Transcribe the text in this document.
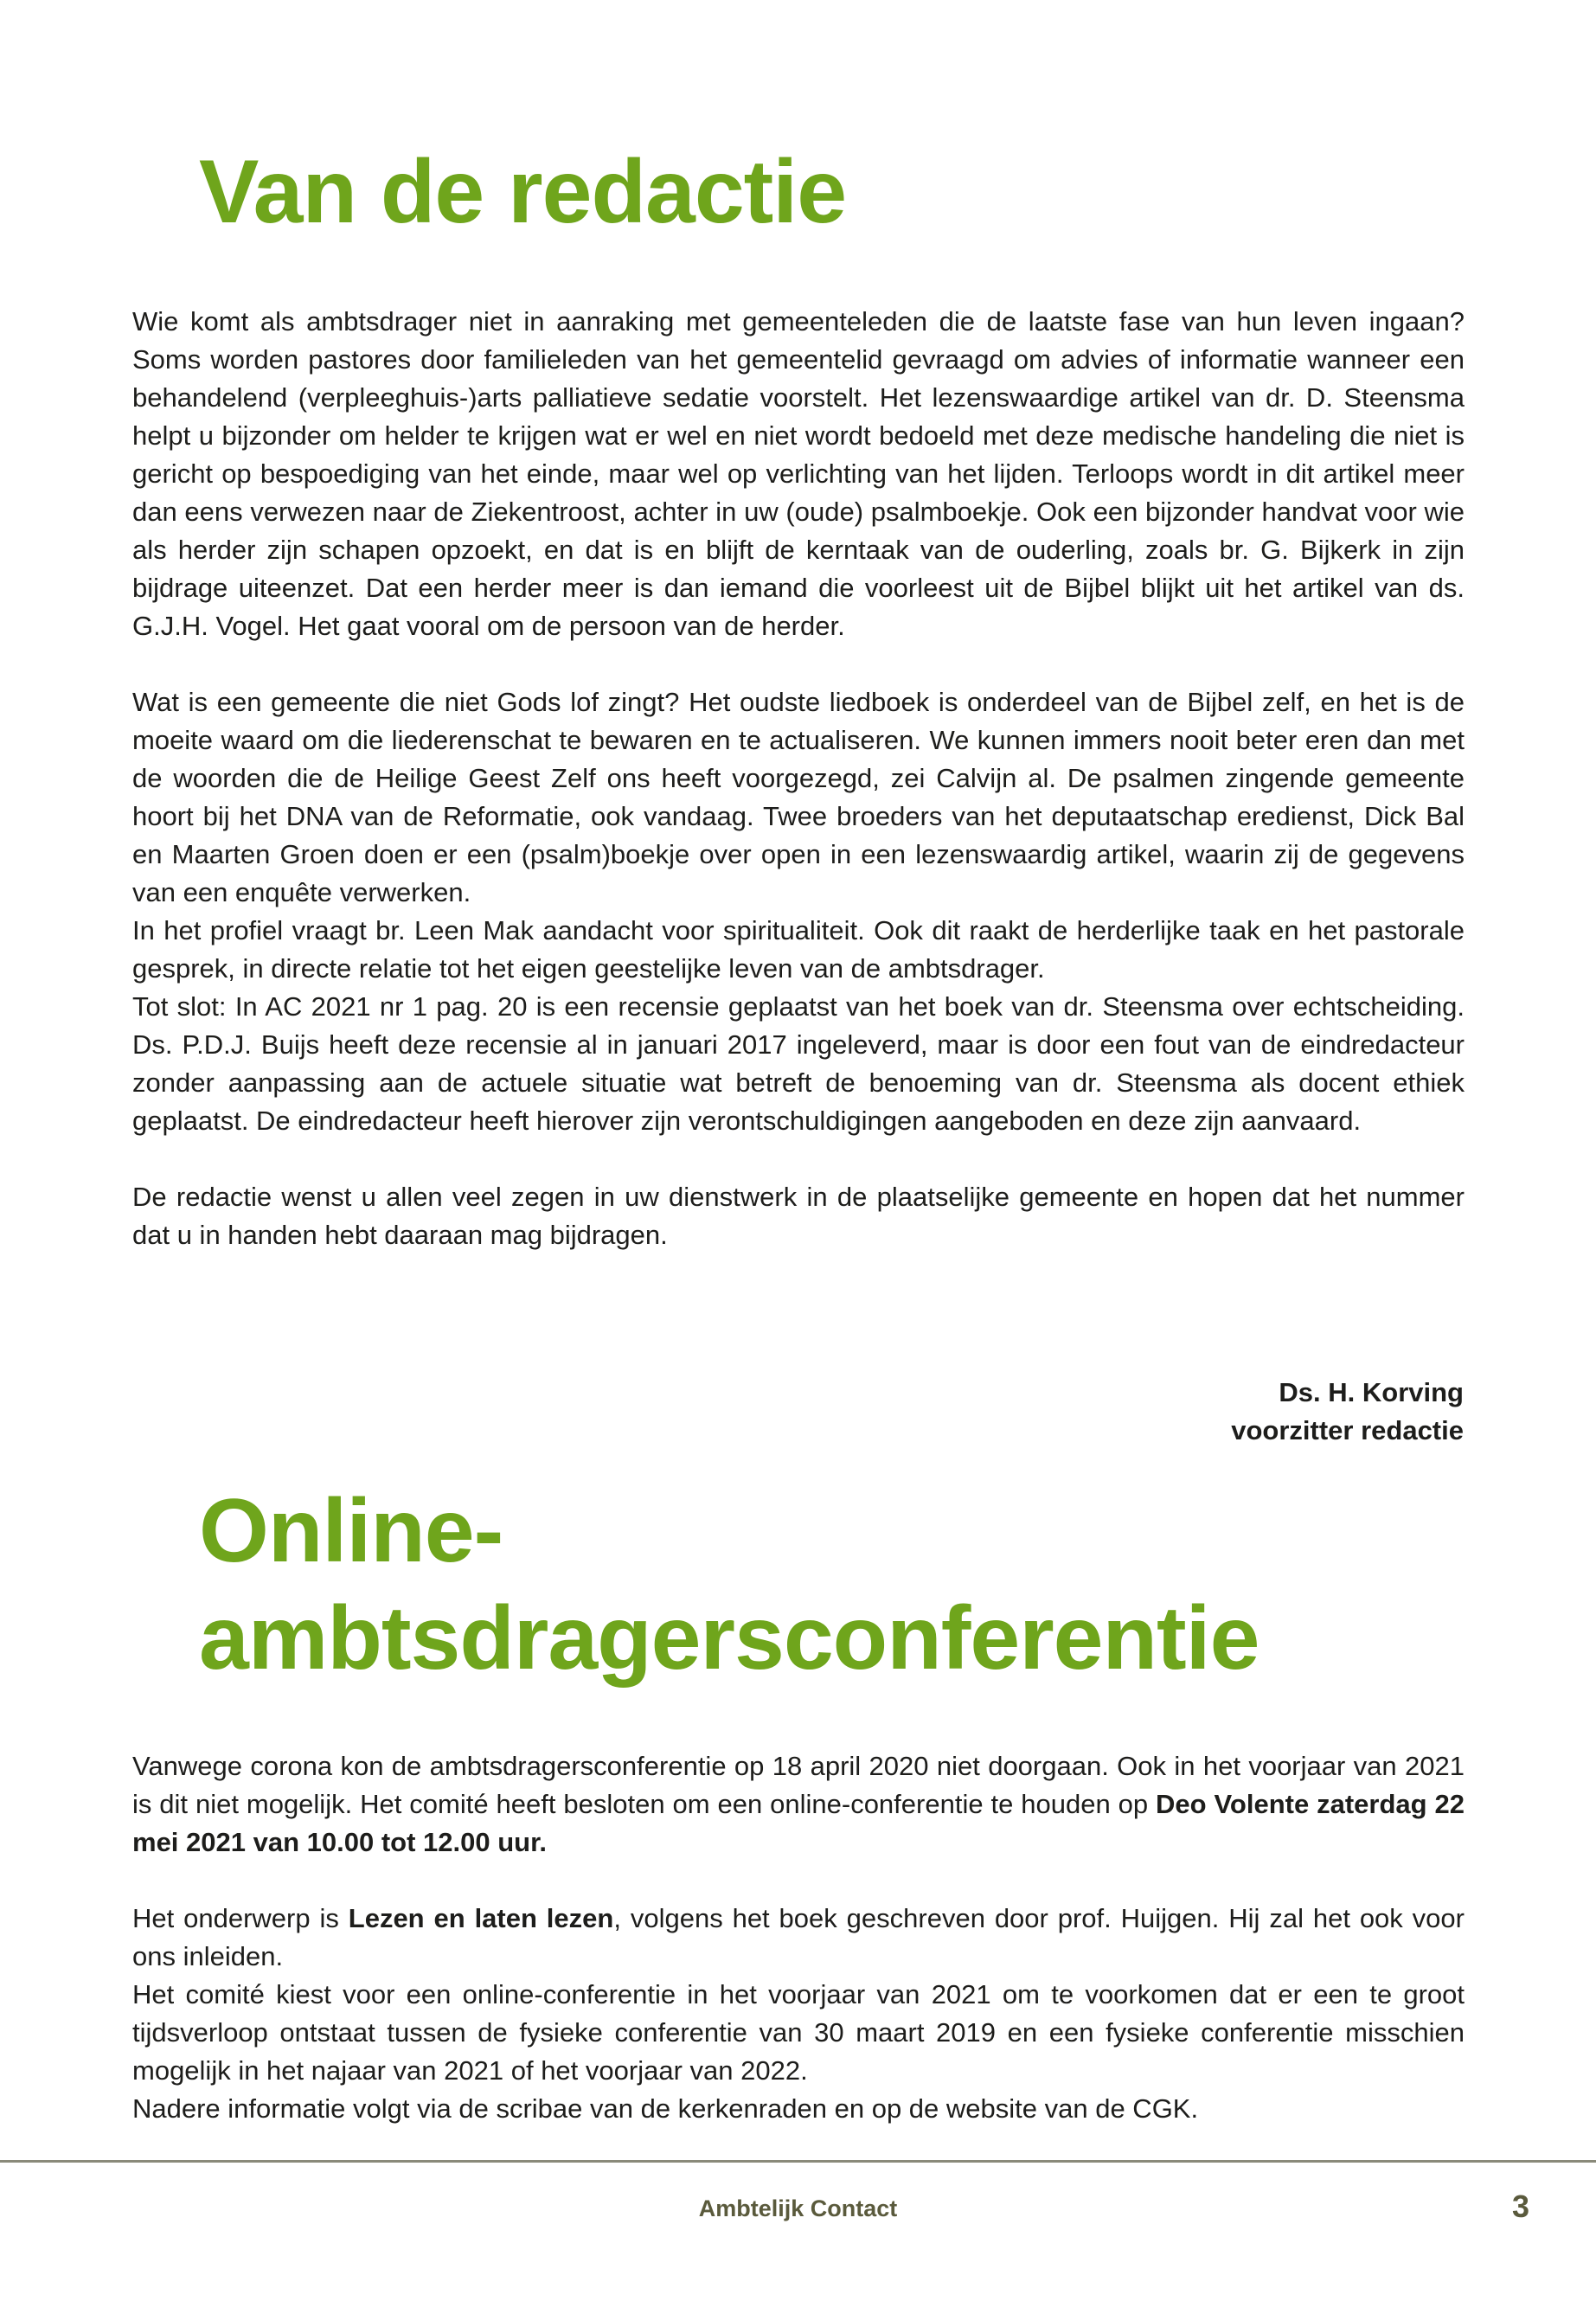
Van de redactie

Wie komt als ambtsdrager niet in aanraking met gemeenteleden die de laatste fase van hun leven ingaan? Soms worden pastores door familieleden van het gemeentelid gevraagd om advies of informatie wanneer een behandelend (verpleeghuis-)arts palliatieve sedatie voorstelt. Het lezenswaardige artikel van dr. D. Steensma helpt u bijzonder om helder te krijgen wat er wel en niet wordt bedoeld met deze medische handeling die niet is gericht op bespoediging van het einde, maar wel op verlichting van het lijden. Terloops wordt in dit artikel meer dan eens verwezen naar de Ziekentroost, achter in uw (oude) psalmboekje. Ook een bijzonder handvat voor wie als herder zijn schapen opzoekt, en dat is en blijft de kerntaak van de ouderling, zoals br. G. Bijkerk in zijn bijdrage uiteenzet. Dat een herder meer is dan iemand die voorleest uit de Bijbel blijkt uit het artikel van ds. G.J.H. Vogel. Het gaat vooral om de persoon van de herder.

Wat is een gemeente die niet Gods lof zingt? Het oudste liedboek is onderdeel van de Bijbel zelf, en het is de moeite waard om die liederenschat te bewaren en te actualiseren. We kunnen immers nooit beter eren dan met de woorden die de Heilige Geest Zelf ons heeft voorgezegd, zei Calvijn al. De psalmen zingende gemeente hoort bij het DNA van de Reformatie, ook vandaag. Twee broeders van het deputaatschap eredienst, Dick Bal en Maarten Groen doen er een (psalm)boekje over open in een lezenswaardig artikel, waarin zij de gegevens van een enquête verwerken.

In het profiel vraagt br. Leen Mak aandacht voor spiritualiteit. Ook dit raakt de herderlijke taak en het pastorale gesprek, in directe relatie tot het eigen geestelijke leven van de ambtsdrager.

Tot slot: In AC 2021 nr 1 pag. 20 is een recensie geplaatst van het boek van dr. Steensma over echtscheiding. Ds. P.D.J. Buijs heeft deze recensie al in januari 2017 ingeleverd, maar is door een fout van de eindredacteur zonder aanpassing aan de actuele situatie wat betreft de benoeming van dr. Steensma als docent ethiek geplaatst. De eindredacteur heeft hierover zijn verontschuldigingen aangeboden en deze zijn aanvaard.

De redactie wenst u allen veel zegen in uw dienstwerk in de plaatselijke gemeente en hopen dat het nummer dat u in handen hebt daaraan mag bijdragen.

Ds. H. Korving
voorzitter redactie
Online-
ambtsdragersconferentie

Vanwege corona kon de ambtsdragersconferentie op 18 april 2020 niet doorgaan. Ook in het voorjaar van 2021 is dit niet mogelijk. Het comité heeft besloten om een online-conferentie te houden op Deo Volente zaterdag 22 mei 2021 van 10.00 tot 12.00 uur.

Het onderwerp is Lezen en laten lezen, volgens het boek geschreven door prof. Huijgen. Hij zal het ook voor ons inleiden.

Het comité kiest voor een online-conferentie in het voorjaar van 2021 om te voorkomen dat er een te groot tijdsverloop ontstaat tussen de fysieke conferentie van 30 maart 2019 en een fysieke conferentie misschien mogelijk in het najaar van 2021 of het voorjaar van 2022.

Nadere informatie volgt via de scribae van de kerkenraden en op de website van de CGK.

Ambtelijk Contact	3
